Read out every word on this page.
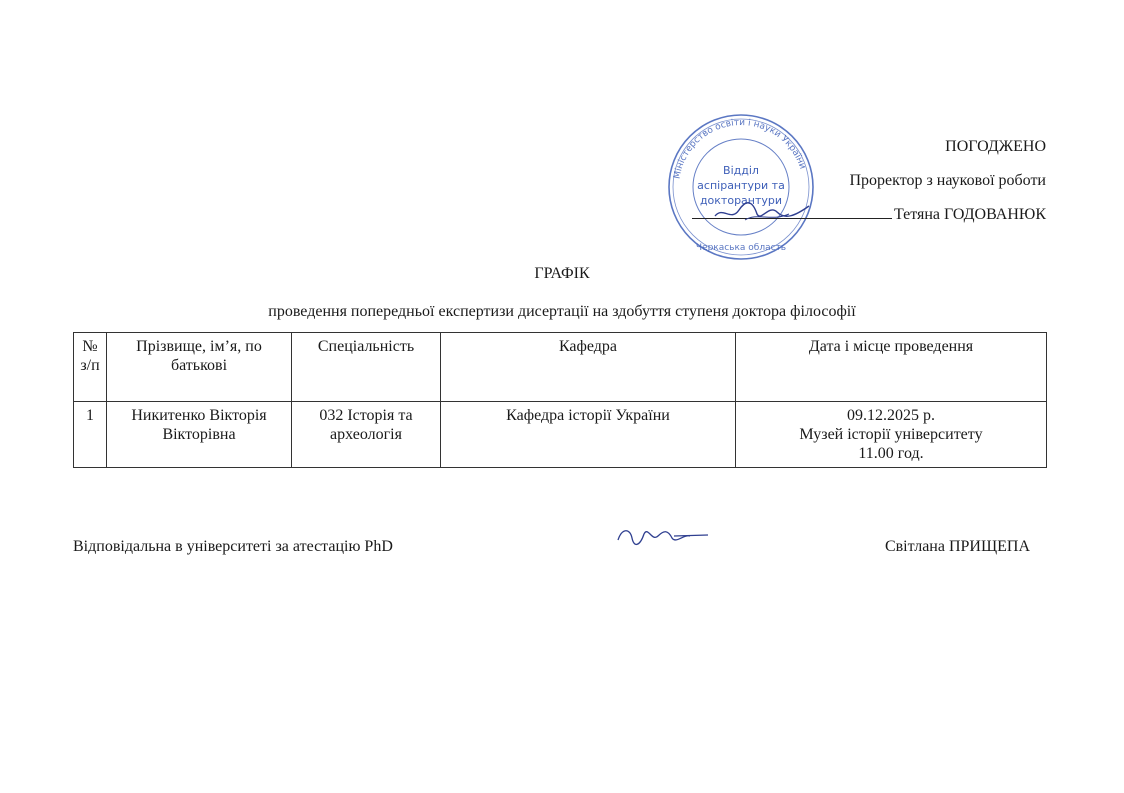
Міністерство освіти і науки України
Відділ
аспірантури та
докторантури
Черкаська область
ПОГОДЖЕНО
Проректор з наукової роботи
Тетяна ГОДОВАНЮК
ГРАФІК
проведення попередньої експертизи дисертації на здобуття ступеня доктора філософії
№ з/п	Прізвище, ім’я, по батькові	Спеціальність	Кафедра	Дата і місце проведення
1	Никитенко Вікторія Вікторівна	032 Історія та археологія	Кафедра історії України	09.12.2025 р.
Музей історії університету
11.00 год.
Відповідальна в університеті за атестацію PhD	Світлана ПРИЩЕПА
